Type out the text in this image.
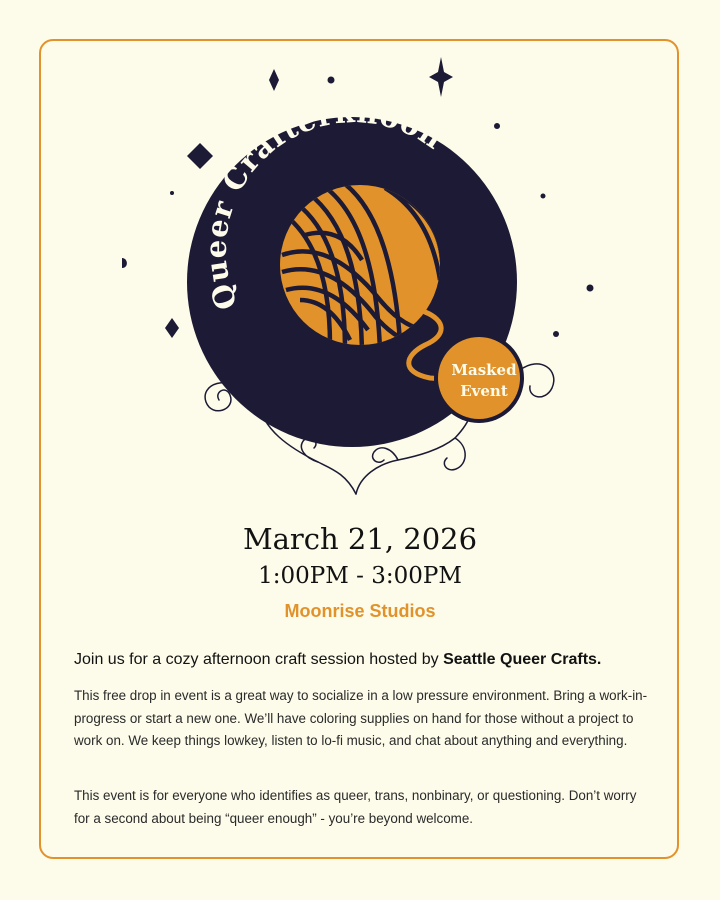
Queer Crafterknoon
Masked
Event
March 21, 2026
1:00PM - 3:00PM
Moonrise Studios
Join us for a cozy afternoon craft session hosted by Seattle Queer Crafts.
This free drop in event is a great way to socialize in a low pressure environment. Bring a work-in-progress or start a new one. We’ll have coloring supplies on hand for those without a project to work on. We keep things lowkey, listen to lo-fi music, and chat about anything and everything.
This event is for everyone who identifies as queer, trans, nonbinary, or questioning. Don’t worry for a second about being “queer enough” - you’re beyond welcome.
